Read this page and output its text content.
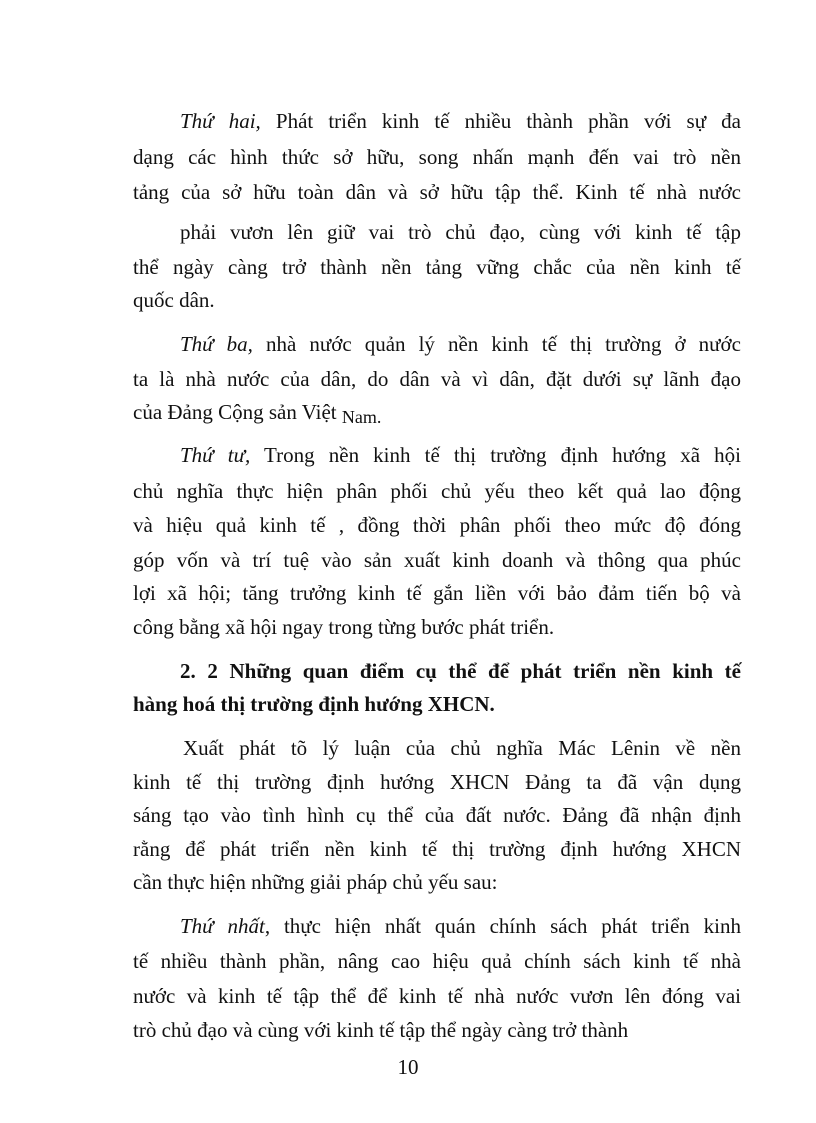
Thứ hai, Phát triển kinh tế nhiều thành phần với sự đa
dạng các hình thức sở hữu, song nhấn mạnh đến vai trò nền
tảng của sở hữu toàn dân và sở hữu tập thể. Kinh tế nhà nước
phải vươn lên giữ vai trò chủ đạo, cùng với kinh tế tập
thể ngày càng trở thành nền tảng vững chắc của nền kinh tế
quốc dân.
Thứ ba, nhà nước quản lý nền kinh tế thị trường ở nước
ta là nhà nước của dân, do dân và vì dân, đặt dưới sự lãnh đạo
của Đảng Cộng sản Việt Nam.
Thứ tư, Trong nền kinh tế thị trường định hướng xã hội
chủ nghĩa thực hiện phân phối chủ yếu theo kết quả lao động
và hiệu quả kinh tế , đồng thời phân phối theo mức độ đóng
góp vốn và trí tuệ vào sản xuất kinh doanh và thông qua phúc
lợi xã hội; tăng trưởng kinh tế gắn liền với bảo đảm tiến bộ và
công bằng xã hội ngay trong từng bước phát triển.
2. 2 Những quan điểm cụ thể để phát triển nền kinh tế
hàng hoá thị trường định hướng XHCN.
Xuất phát tõ lý luận của chủ nghĩa Mác Lênin về nền
kinh tế thị trường định hướng XHCN Đảng ta đã vận dụng
sáng tạo vào tình hình cụ thể của đất nước. Đảng đã nhận định
rằng để phát triển nền kinh tế thị trường định hướng XHCN
cần thực hiện những giải pháp chủ yếu sau:
Thứ nhất, thực hiện nhất quán chính sách phát triển kinh
tế nhiều thành phần, nâng cao hiệu quả chính sách kinh tế nhà
nước và kinh tế tập thể để kinh tế nhà nước vươn lên đóng vai
trò chủ đạo và cùng với kinh tế tập thể ngày càng trở thành
10
